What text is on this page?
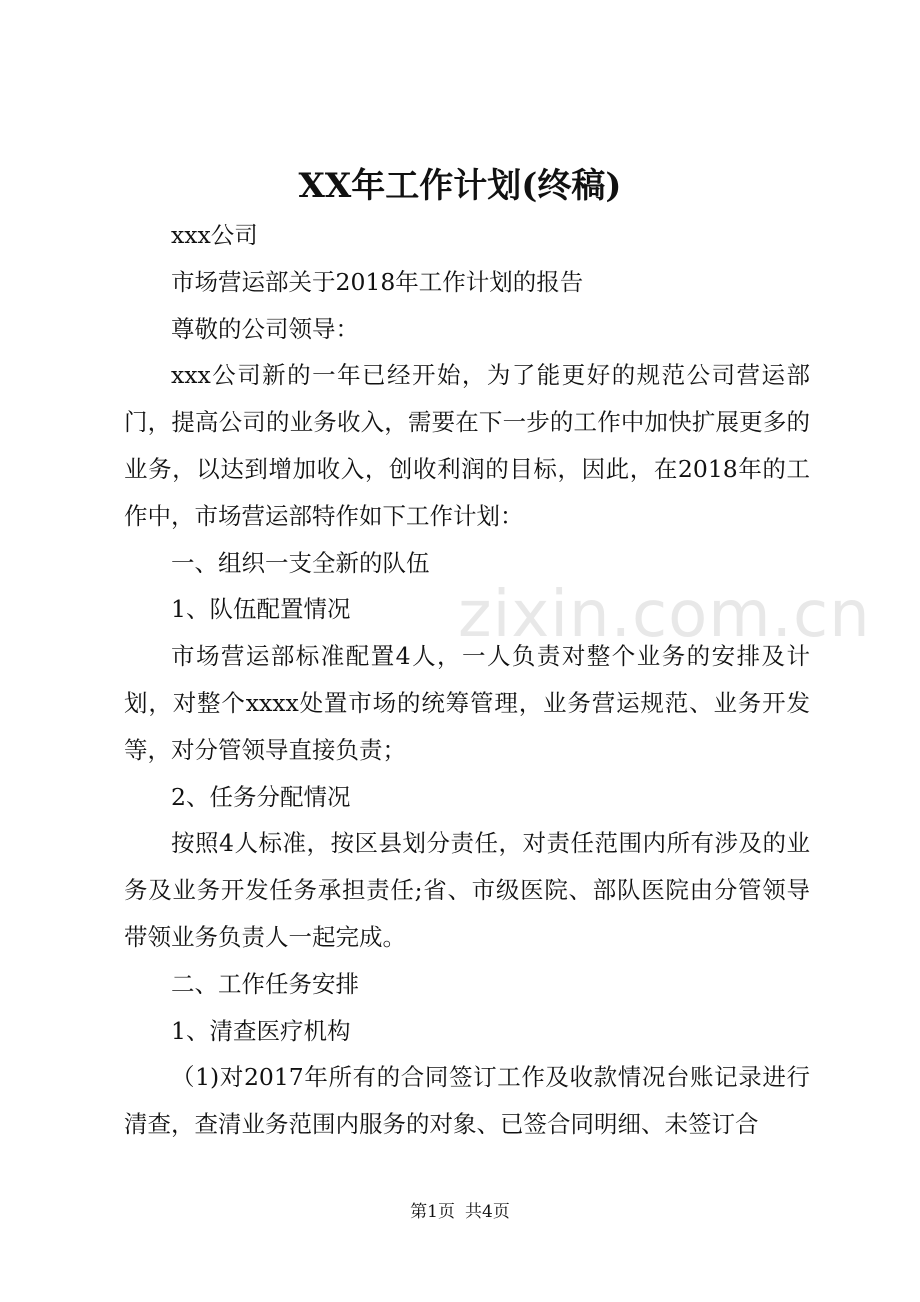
XX年工作计划(终稿)

xxx公司

市场营运部关于2018年工作计划的报告

尊敬的公司领导：

xxx公司新的一年已经开始，为了能更好的规范公司营运部门，提高公司的业务收入，需要在下一步的工作中加快扩展更多的业务，以达到增加收入，创收利润的目标，因此，在2018年的工作中，市场营运部特作如下工作计划：

一、组织一支全新的队伍

1、队伍配置情况

市场营运部标准配置4人，一人负责对整个业务的安排及计划，对整个xxxx处置市场的统筹管理，业务营运规范、业务开发等，对分管领导直接负责；

2、任务分配情况

按照4人标准，按区县划分责任，对责任范围内所有涉及的业务及业务开发任务承担责任;省、市级医院、部队医院由分管领导带领业务负责人一起完成。

二、工作任务安排

1、清查医疗机构

（1)对2017年所有的合同签订工作及收款情况台账记录进行清查，查清业务范围内服务的对象、已签合同明细、未签订合

zixin.com.cn
第1页 共4页
